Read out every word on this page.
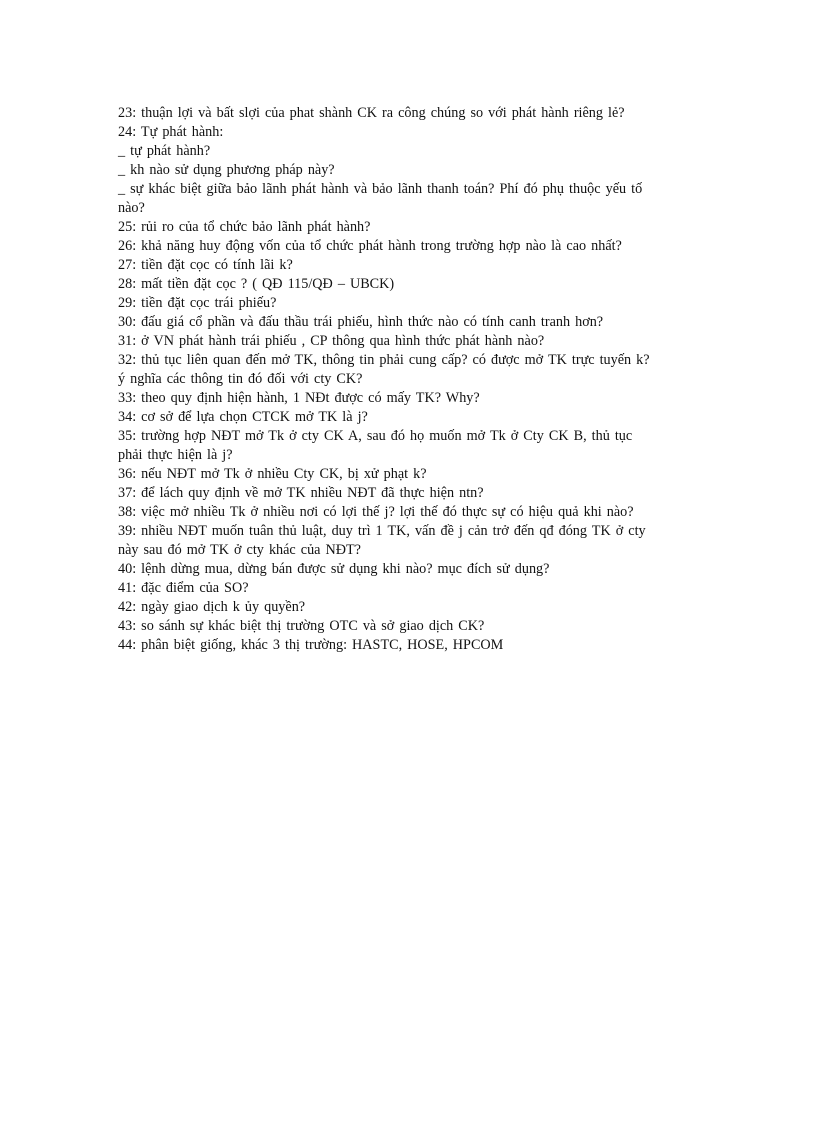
23: thuận lợi và bất slợi của phat shành CK ra công chúng so với phát hành riêng lẻ?

24: Tự phát hành:

_ tự phát hành?

_ kh nào sử dụng phương pháp này?

_ sự khác biệt giữa bảo lãnh phát hành và bảo lãnh thanh toán? Phí đó phụ thuộc yếu tố

nào?

25: rủi ro của tổ chức bảo lãnh phát hành?

26: khả năng huy động vốn của tổ chức phát hành trong trường hợp nào là cao nhất?

27: tiền đặt cọc có tính lãi k?

28: mất tiền đặt cọc ? ( QĐ 115/QĐ – UBCK)

29: tiền đặt cọc trái phiếu?

30: đấu giá cổ phần và đấu thầu trái phiếu, hình thức nào có tính canh tranh hơn?

31: ở VN phát hành trái phiếu , CP thông qua hình thức phát hành nào?

32: thủ tục liên quan đến mở TK, thông tin phải cung cấp? có được mở TK trực tuyến k?

ý nghĩa các thông tin đó đối với cty CK?

33: theo quy định hiện hành, 1 NĐt được có mấy TK? Why?

34: cơ sở để lựa chọn CTCK mở TK là j?

35: trường hợp NĐT mở Tk ở cty CK A, sau đó họ muốn mở Tk ở Cty CK B, thủ tục

phải thực hiện là j?

36: nếu NĐT mở Tk ở nhiều Cty CK, bị xử phạt k?

37: để lách quy định về mở TK nhiều NĐT đã thực hiện ntn?

38: việc mở nhiều Tk ở nhiều nơi có lợi thế j? lợi thế đó thực sự có hiệu quả khi nào?

39: nhiều NĐT muốn tuân thủ luật, duy trì 1 TK, vấn đề j cản trở đến qđ đóng TK ở cty

này sau đó mở TK ở cty khác của NĐT?

40: lệnh dừng mua, dừng bán được sử dụng khi nào? mục đích sử dụng?

41: đặc điểm của SO?

42: ngày giao dịch k ủy quyền?

43: so sánh sự khác biệt thị trường OTC và sở giao dịch CK?

44: phân biệt giống, khác 3 thị trường: HASTC, HOSE, HPCOM
